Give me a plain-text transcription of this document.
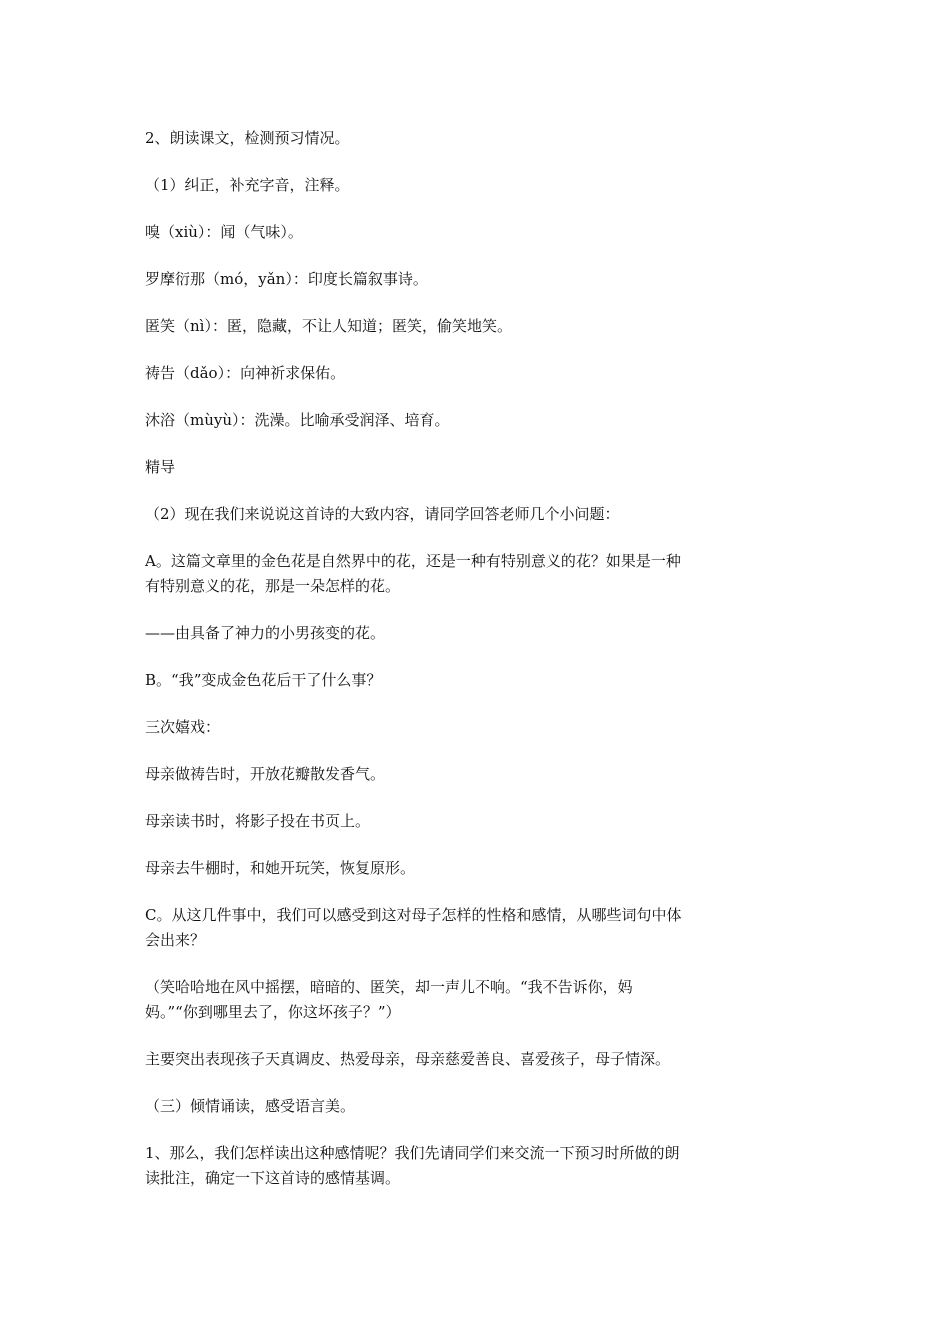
2、朗读课文，检测预习情况。

（1）纠正，补充字音，注释。

嗅（xiù）：闻（气味）。

罗摩衍那（mó，yǎn）：印度长篇叙事诗。

匿笑（nì）：匿，隐藏，不让人知道；匿笑，偷笑地笑。

祷告（dǎo）：向神祈求保佑。

沐浴（mùyù）：洗澡。比喻承受润泽、培育。

精导

（2）现在我们来说说这首诗的大致内容，请同学回答老师几个小问题：

A。这篇文章里的金色花是自然界中的花，还是一种有特别意义的花？如果是一种有特别意义的花，那是一朵怎样的花。

——由具备了神力的小男孩变的花。

B。“我”变成金色花后干了什么事？

三次嬉戏：

母亲做祷告时，开放花瓣散发香气。

母亲读书时，将影子投在书页上。

母亲去牛棚时，和她开玩笑，恢复原形。

C。从这几件事中，我们可以感受到这对母子怎样的性格和感情，从哪些词句中体会出来？

（笑哈哈地在风中摇摆，暗暗的、匿笑，却一声儿不响。“我不告诉你，妈妈。”“你到哪里去了，你这坏孩子？”）

主要突出表现孩子天真调皮、热爱母亲，母亲慈爱善良、喜爱孩子，母子情深。

（三）倾情诵读，感受语言美。

1、那么，我们怎样读出这种感情呢？我们先请同学们来交流一下预习时所做的朗读批注，确定一下这首诗的感情基调。
